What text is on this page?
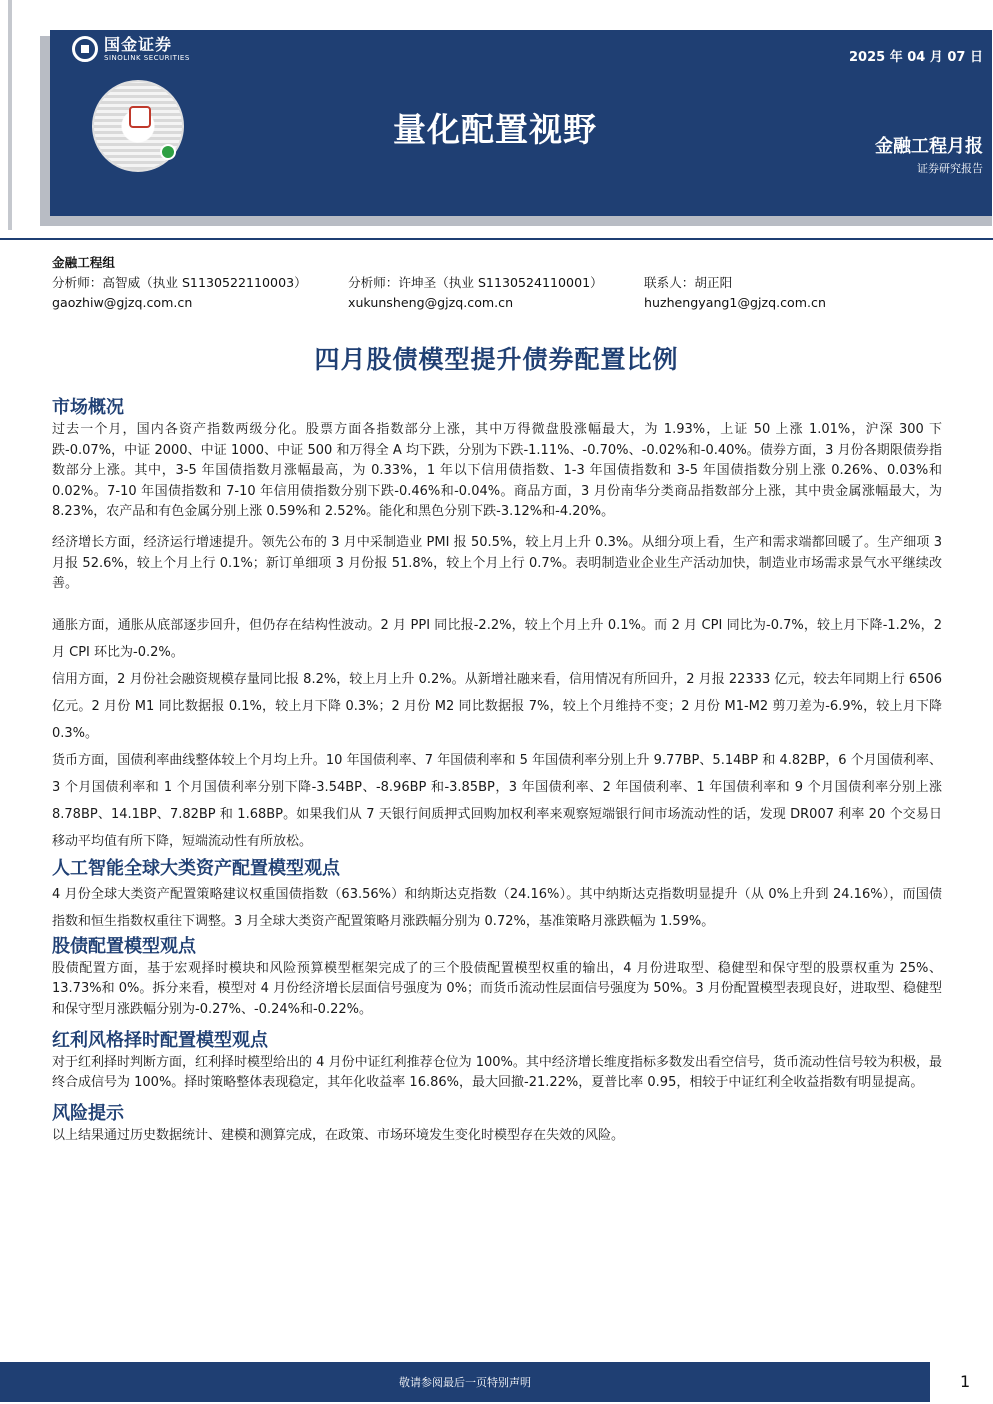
国金证券
SINOLINK SECURITIES
量化配置视野
2025 年 04 月 07 日
金融工程月报
证券研究报告
金融工程组
分析师：高智威（执业 S1130522110003）	分析师：许坤圣（执业 S1130524110001）	联系人：胡正阳
gaozhiw@gjzq.com.cn	xukunsheng@gjzq.com.cn	huzhengyang1@gjzq.com.cn
四月股债模型提升债券配置比例
市场概况

过去一个月，国内各资产指数两级分化。股票方面各指数部分上涨，其中万得微盘股涨幅最大，为 1.93%，上证 50 上涨 1.01%，沪深 300 下跌-0.07%，中证 2000、中证 1000、中证 500 和万得全 A 均下跌，分别为下跌-1.11%、-0.70%、-0.02%和-0.40%。债券方面，3 月份各期限债券指数部分上涨。其中，3-5 年国债指数月涨幅最高，为 0.33%，1 年以下信用债指数、1-3 年国债指数和 3-5 年国债指数分别上涨 0.26%、0.03%和 0.02%。7-10 年国债指数和 7-10 年信用债指数分别下跌-0.46%和-0.04%。商品方面，3 月份南华分类商品指数部分上涨，其中贵金属涨幅最大，为 8.23%，农产品和有色金属分别上涨 0.59%和 2.52%。能化和黑色分别下跌-3.12%和-4.20%。

经济增长方面，经济运行增速提升。领先公布的 3 月中采制造业 PMI 报 50.5%，较上月上升 0.3%。从细分项上看，生产和需求端都回暖了。生产细项 3 月报 52.6%，较上个月上行 0.1%；新订单细项 3 月份报 51.8%，较上个月上行 0.7%。表明制造业企业生产活动加快，制造业市场需求景气水平继续改善。

通胀方面，通胀从底部逐步回升，但仍存在结构性波动。2 月 PPI 同比报-2.2%，较上个月上升 0.1%。而 2 月 CPI 同比为-0.7%，较上月下降-1.2%，2 月 CPI 环比为-0.2%。

信用方面，2 月份社会融资规模存量同比报 8.2%，较上月上升 0.2%。从新增社融来看，信用情况有所回升，2 月报 22333 亿元，较去年同期上行 6506 亿元。2 月份 M1 同比数据报 0.1%，较上月下降 0.3%；2 月份 M2 同比数据报 7%，较上个月维持不变；2 月份 M1-M2 剪刀差为-6.9%，较上月下降 0.3%。

货币方面，国债利率曲线整体较上个月均上升。10 年国债利率、7 年国债利率和 5 年国债利率分别上升 9.77BP、5.14BP 和 4.82BP，6 个月国债利率、3 个月国债利率和 1 个月国债利率分别下降-3.54BP、-8.96BP 和-3.85BP，3 年国债利率、2 年国债利率、1 年国债利率和 9 个月国债利率分别上涨 8.78BP、14.1BP、7.82BP 和 1.68BP。如果我们从 7 天银行间质押式回购加权利率来观察短端银行间市场流动性的话，发现 DR007 利率 20 个交易日移动平均值有所下降，短端流动性有所放松。

人工智能全球大类资产配置模型观点

4 月份全球大类资产配置策略建议权重国债指数（63.56%）和纳斯达克指数（24.16%）。其中纳斯达克指数明显提升（从 0%上升到 24.16%），而国债指数和恒生指数权重往下调整。3 月全球大类资产配置策略月涨跌幅分别为 0.72%，基准策略月涨跌幅为 1.59%。

股债配置模型观点

股债配置方面，基于宏观择时模块和风险预算模型框架完成了的三个股债配置模型权重的输出，4 月份进取型、稳健型和保守型的股票权重为 25%、13.73%和 0%。拆分来看，模型对 4 月份经济增长层面信号强度为 0%；而货币流动性层面信号强度为 50%。3 月份配置模型表现良好，进取型、稳健型和保守型月涨跌幅分别为-0.27%、-0.24%和-0.22%。

红利风格择时配置模型观点

对于红利择时判断方面，红利择时模型给出的 4 月份中证红利推荐仓位为 100%。其中经济增长维度指标多数发出看空信号，货币流动性信号较为积极，最终合成信号为 100%。择时策略整体表现稳定，其年化收益率 16.86%，最大回撤-21.22%，夏普比率 0.95，相较于中证红利全收益指数有明显提高。

风险提示

以上结果通过历史数据统计、建模和测算完成，在政策、市场环境发生变化时模型存在失效的风险。

敬请参阅最后一页特别声明	1
